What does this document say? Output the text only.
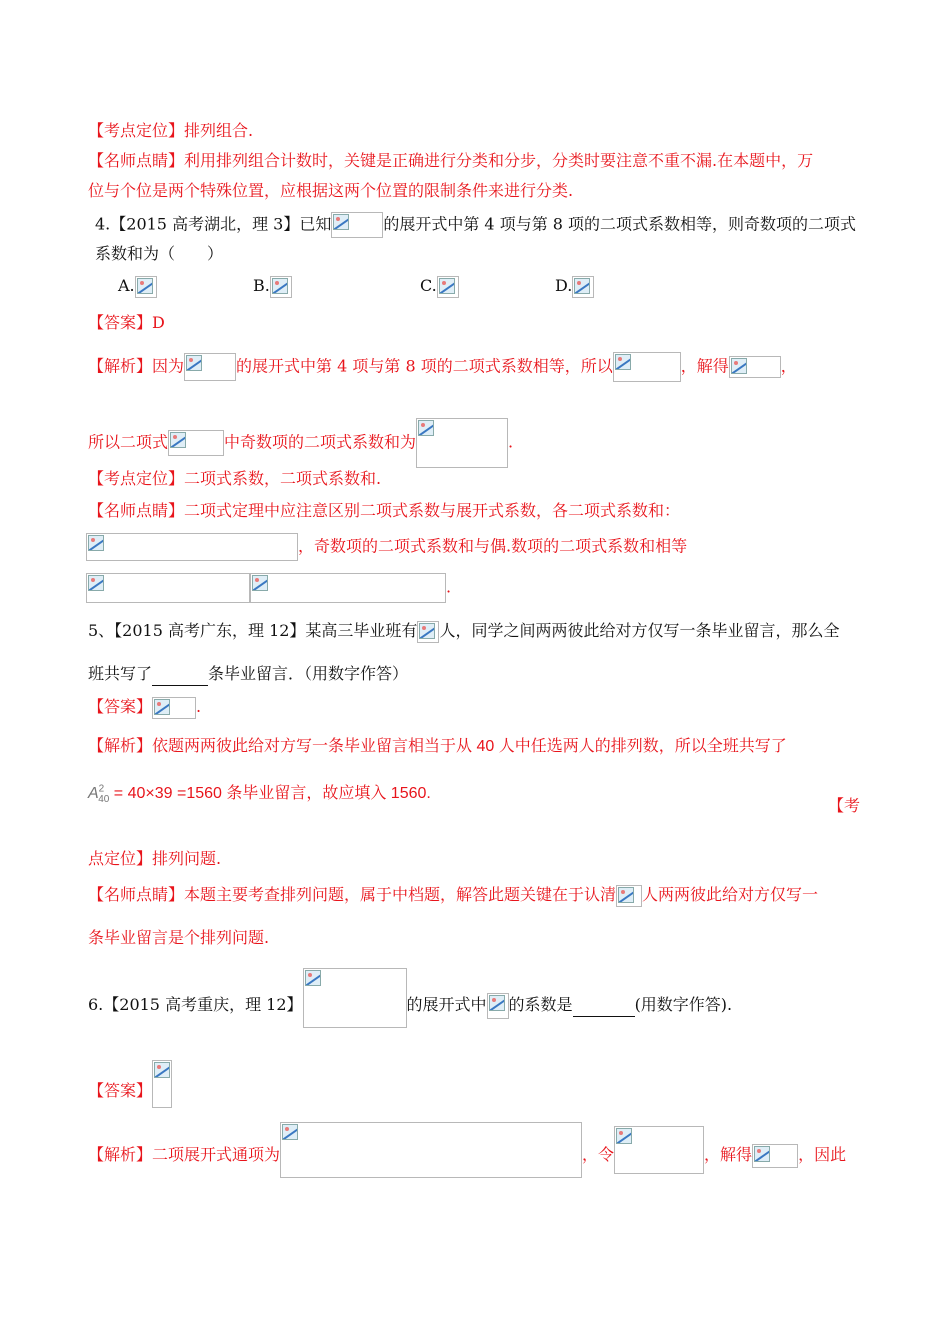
【考点定位】排列组合.
【名师点睛】利用排列组合计数时，关键是正确进行分类和分步，分类时要注意不重不漏.在本题中，万
位与个位是两个特殊位置，应根据这两个位置的限制条件来进行分类.
4.【2015 高考湖北，理 3】已知	的展开式中第 4 项与第 8 项的二项式系数相等，则奇数项的二项式
系数和为（　　）
A.	B.	C.	D.
【答案】D
【解析】因为	的展开式中第 4 项与第 8 项的二项式系数相等，所以	，解得	，
所以二项式	中奇数项的二项式系数和为	.
【考点定位】二项式系数，二项式系数和.
【名师点睛】二项式定理中应注意区别二项式系数与展开式系数，各二项式系数和：
，奇数项的二项式系数和与偶.数项的二项式系数和相等
.
5、【2015 高考广东，理 12】某高三毕业班有 人，同学之间两两彼此给对方仅写一条毕业留言，那么全
班共写了	条毕业留言．（用数字作答）
【答案】	.
【解析】依题两两彼此给对方写一条毕业留言相当于从 40 人中任选两人的排列数，所以全班共写了
$A^2_{40} = 40\times 39 =1560$ 条毕业留言，故应填入 1560.
【考
点定位】排列问题.
【名师点睛】本题主要考查排列问题，属于中档题，解答此题关键在于认清 人两两彼此给对方仅写一
条毕业留言是个排列问题.
6.【2015 高考重庆，理 12】	的展开式中 的系数是	(用数字作答).
【答案】
【解析】二项展开式通项为	，令	，解得	，因此
